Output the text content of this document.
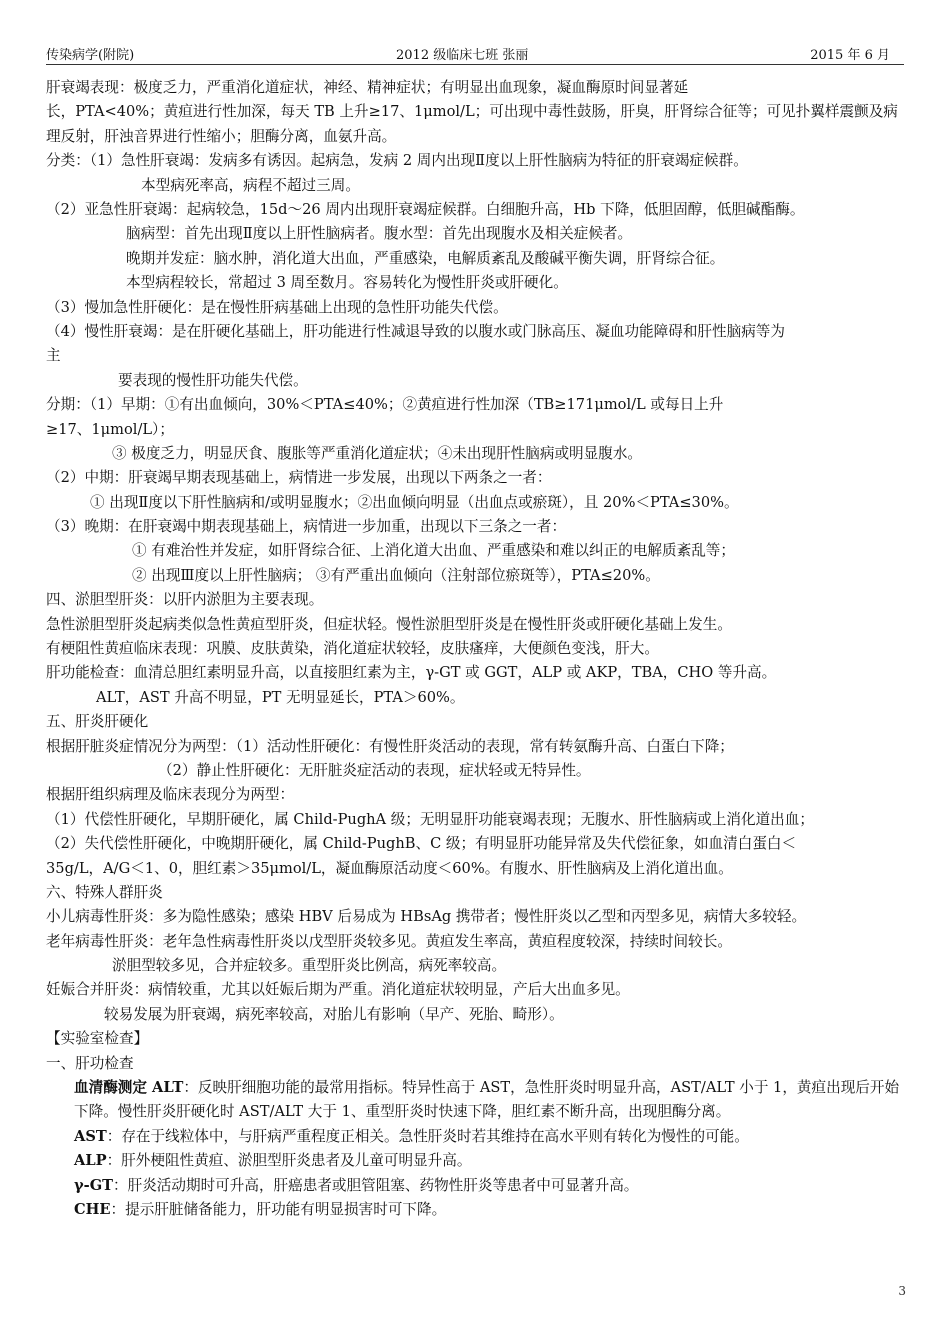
传染病学(附院)	2012 级临床七班 张丽	2015 年 6 月
肝衰竭表现：极度乏力，严重消化道症状，神经、精神症状；有明显出血现象，凝血酶原时间显著延
长，PTA<40%；黄疸进行性加深，每天 TB 上升≥17、1μmol/L；可出现中毒性鼓肠，肝臭，肝肾综合征等；可见扑翼样震颤及病理反射，肝浊音界进行性缩小；胆酶分离，血氨升高。
分类：（1）急性肝衰竭：发病多有诱因。起病急，发病 2 周内出现Ⅱ度以上肝性脑病为特征的肝衰竭症候群。
本型病死率高，病程不超过三周。
（2）亚急性肝衰竭：起病较急，15d～26 周内出现肝衰竭症候群。白细胞升高，Hb 下降，低胆固醇，低胆碱酯酶。
脑病型：首先出现Ⅱ度以上肝性脑病者。腹水型：首先出现腹水及相关症候者。
晚期并发症：脑水肿，消化道大出血，严重感染，电解质紊乱及酸碱平衡失调，肝肾综合征。
本型病程较长，常超过 3 周至数月。容易转化为慢性肝炎或肝硬化。
（3）慢加急性肝硬化：是在慢性肝病基础上出现的急性肝功能失代偿。
（4）慢性肝衰竭：是在肝硬化基础上，肝功能进行性减退导致的以腹水或门脉高压、凝血功能障碍和肝性脑病等为
主
要表现的慢性肝功能失代偿。
分期：（1）早期：①有出血倾向，30%＜PTA≤40%；②黄疸进行性加深（TB≥171μmol/L 或每日上升
≥17、1μmol/L）；
③ 极度乏力，明显厌食、腹胀等严重消化道症状；④未出现肝性脑病或明显腹水。
（2）中期：肝衰竭早期表现基础上，病情进一步发展，出现以下两条之一者：
① 出现Ⅱ度以下肝性脑病和/或明显腹水；②出血倾向明显（出血点或瘀斑），且 20%＜PTA≤30%。
（3）晚期：在肝衰竭中期表现基础上，病情进一步加重，出现以下三条之一者：
① 有难治性并发症，如肝肾综合征、上消化道大出血、严重感染和难以纠正的电解质紊乱等；
② 出现Ⅲ度以上肝性脑病； ③有严重出血倾向（注射部位瘀斑等），PTA≤20%。
四、淤胆型肝炎：以肝内淤胆为主要表现。
急性淤胆型肝炎起病类似急性黄疸型肝炎，但症状轻。慢性淤胆型肝炎是在慢性肝炎或肝硬化基础上发生。
有梗阻性黄疸临床表现：巩膜、皮肤黄染，消化道症状较轻，皮肤瘙痒，大便颜色变浅，肝大。
肝功能检查：血清总胆红素明显升高，以直接胆红素为主，γ-GT 或 GGT，ALP 或 AKP，TBA，CHO 等升高。
ALT，AST 升高不明显，PT 无明显延长，PTA＞60%。
五、肝炎肝硬化
根据肝脏炎症情况分为两型：（1）活动性肝硬化：有慢性肝炎活动的表现，常有转氨酶升高、白蛋白下降；
（2）静止性肝硬化：无肝脏炎症活动的表现，症状轻或无特异性。
根据肝组织病理及临床表现分为两型：
（1）代偿性肝硬化，早期肝硬化，属 Child-PughA 级；无明显肝功能衰竭表现；无腹水、肝性脑病或上消化道出血；
（2）失代偿性肝硬化，中晚期肝硬化，属 Child-PughB、C 级；有明显肝功能异常及失代偿征象，如血清白蛋白＜
35g/L，A/G＜1、0，胆红素＞35μmol/L，凝血酶原活动度＜60%。有腹水、肝性脑病及上消化道出血。
六、特殊人群肝炎
小儿病毒性肝炎：多为隐性感染；感染 HBV 后易成为 HBsAg 携带者；慢性肝炎以乙型和丙型多见，病情大多较轻。
老年病毒性肝炎：老年急性病毒性肝炎以戊型肝炎较多见。黄疸发生率高，黄疸程度较深，持续时间较长。
淤胆型较多见，合并症较多。重型肝炎比例高，病死率较高。
妊娠合并肝炎：病情较重，尤其以妊娠后期为严重。消化道症状较明显，产后大出血多见。
较易发展为肝衰竭，病死率较高，对胎儿有影响（早产、死胎、畸形）。
【实验室检查】
一、肝功检查
血清酶测定 ALT：反映肝细胞功能的最常用指标。特异性高于 AST，急性肝炎时明显升高，AST/ALT 小于 1，黄疸出现后开始下降。慢性肝炎肝硬化时 AST/ALT 大于 1、重型肝炎时快速下降，胆红素不断升高，出现胆酶分离。
AST：存在于线粒体中，与肝病严重程度正相关。急性肝炎时若其维持在高水平则有转化为慢性的可能。
ALP：肝外梗阻性黄疸、淤胆型肝炎患者及儿童可明显升高。
γ-GT：肝炎活动期时可升高，肝癌患者或胆管阻塞、药物性肝炎等患者中可显著升高。
CHE：提示肝脏储备能力，肝功能有明显损害时可下降。
3
